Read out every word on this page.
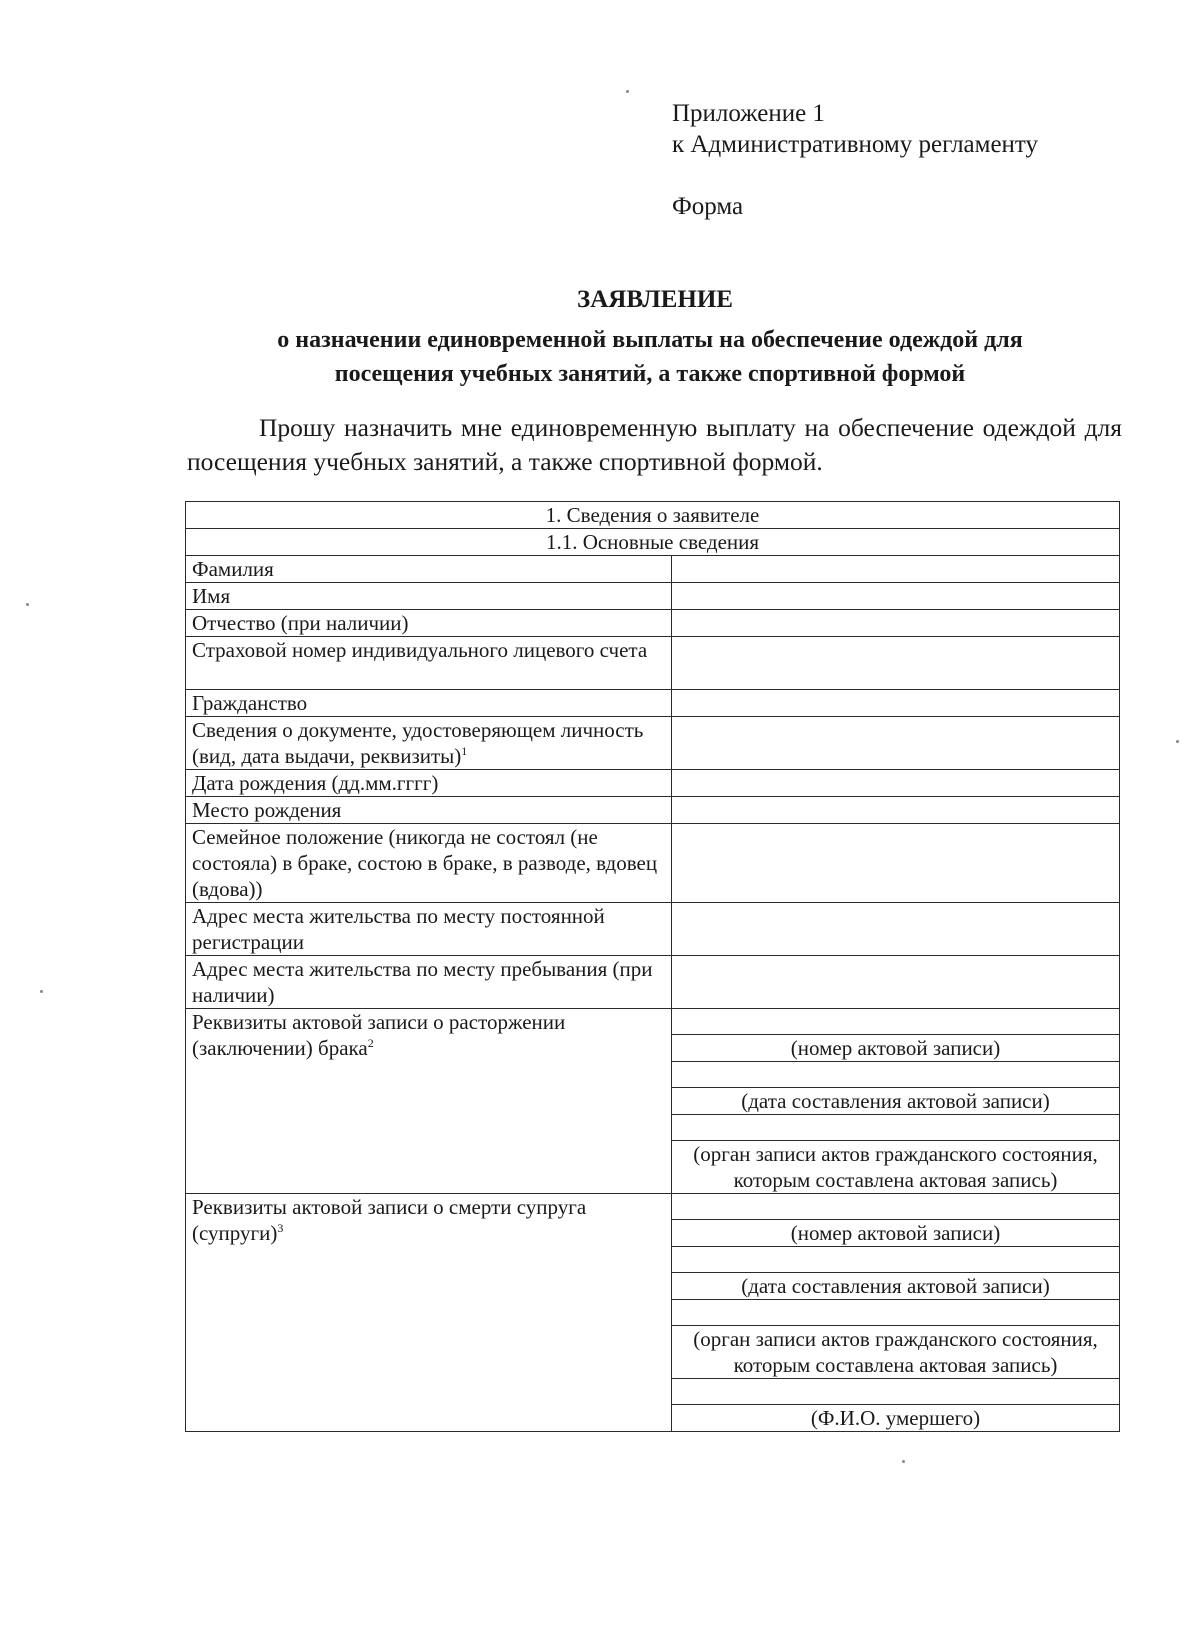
Приложение 1
к Административному регламенту
Форма
ЗАЯВЛЕНИЕ
о назначении единовременной выплаты на обеспечение одеждой для
посещения учебных занятий, а также спортивной формой
Прошу назначить мне единовременную выплату на обеспечение одеждой для посещения учебных занятий, а также спортивной формой.
1. Сведения о заявителе	
1.1. Основные сведения	
Фамилия	
Имя	
Отчество (при наличии)	
Страховой номер индивидуального лицевого счета	
Гражданство	
Сведения о документе, удостоверяющем личность (вид, дата выдачи, реквизиты)$^1$	
Дата рождения (дд.мм.гггг)	
Место рождения	
Семейное положение (никогда не состоял (не состояла) в браке, состою в браке, в разводе, вдовец (вдова))	
Адрес места жительства по месту постоянной регистрации	
Адрес места жительства по месту пребывания (при наличии)	
Реквизиты актовой записи о расторжении (заключении) брака$^2$	
	(номер актовой записи)

	(дата составления актовой записи)

	(орган записи актов гражданского состояния, которым составлена актовая запись)
Реквизиты актовой записи о смерти супруга (супруги)$^3$	
	(номер актовой записи)

	(дата составления актовой записи)

	(орган записи актов гражданского состояния, которым составлена актовая запись)

	(Ф.И.О. умершего)
